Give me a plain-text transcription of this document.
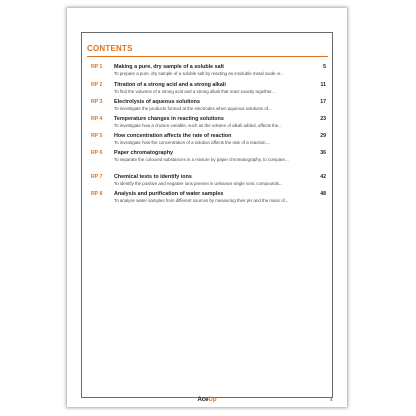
CONTENTS
RP 1 Making a pure, dry sample of a soluble salt
To prepare a pure, dry sample of a soluble salt by reacting an insoluble metal oxide or...
5
RP 2 Titration of a strong acid and a strong alkali
To find the volumes of a strong acid and a strong alkali that react exactly together...
11
RP 3 Electrolysis of aqueous solutions
To investigate the products formed at the electrodes when aqueous solutions of...
17
RP 4 Temperature changes in reacting solutions
To investigate how a chosen variable, such as the volume of alkali added, affects the...
23
RP 5 How concentration affects the rate of reaction
To investigate how the concentration of a solution affects the rate of a reaction,...
29
RP 6 Paper chromatography
To separate the coloured substances in a mixture by paper chromatography, to compare...
36
RP 7 Chemical tests to identify ions
To identify the positive and negative ions present in unknown single ionic compounds...
42
RP 8 Analysis and purification of water samples
To analyse water samples from different sources by measuring their pH and the mass of...
48
AceUp	4
